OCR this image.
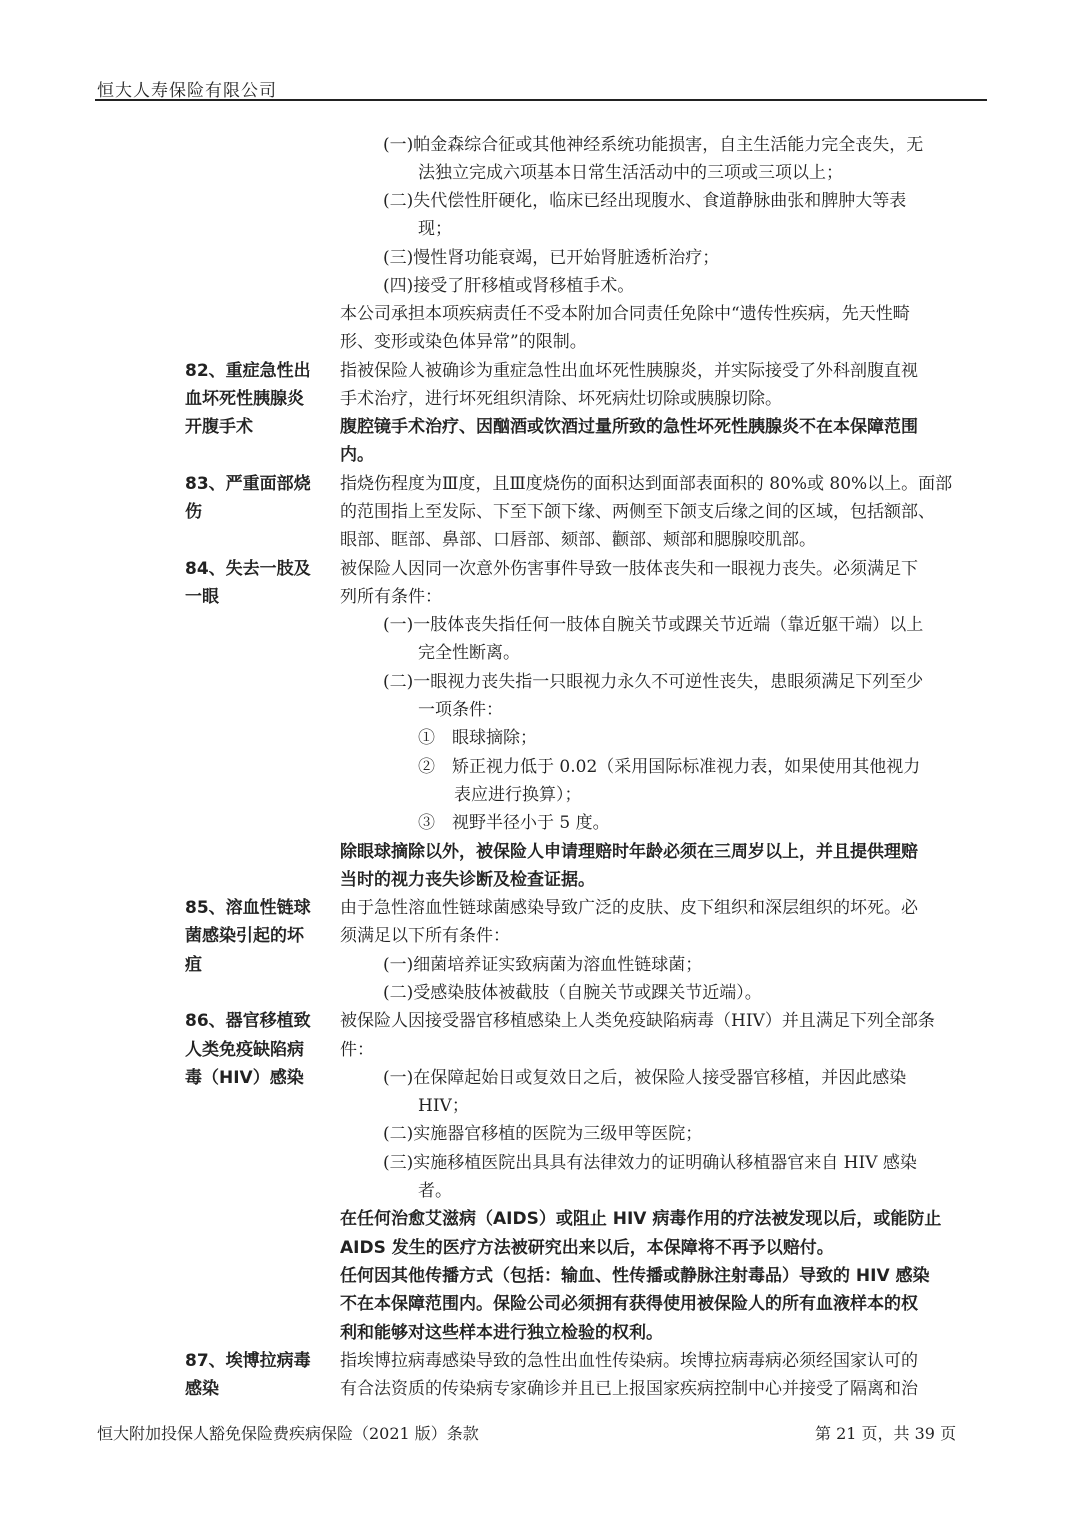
恒大人寿保险有限公司
(一)帕金森综合征或其他神经系统功能损害，自主生活能力完全丧失，无
法独立完成六项基本日常生活活动中的三项或三项以上；
(二)失代偿性肝硬化，临床已经出现腹水、食道静脉曲张和脾肿大等表
现；
(三)慢性肾功能衰竭，已开始肾脏透析治疗；
(四)接受了肝移植或肾移植手术。
本公司承担本项疾病责任不受本附加合同责任免除中“遗传性疾病，先天性畸
形、变形或染色体异常”的限制。
指被保险人被确诊为重症急性出血坏死性胰腺炎，并实际接受了外科剖腹直视
手术治疗，进行坏死组织清除、坏死病灶切除或胰腺切除。
腹腔镜手术治疗、因酗酒或饮酒过量所致的急性坏死性胰腺炎不在本保障范围
内。
指烧伤程度为Ⅲ度，且Ⅲ度烧伤的面积达到面部表面积的 80%或 80%以上。面部
的范围指上至发际、下至下颌下缘、两侧至下颌支后缘之间的区域，包括额部、
眼部、眶部、鼻部、口唇部、颏部、颧部、颊部和腮腺咬肌部。
被保险人因同一次意外伤害事件导致一肢体丧失和一眼视力丧失。必须满足下
列所有条件：
(一)一肢体丧失指任何一肢体自腕关节或踝关节近端（靠近躯干端）以上
完全性断离。
(二)一眼视力丧失指一只眼视力永久不可逆性丧失，患眼须满足下列至少
一项条件：
①　眼球摘除；
②　矫正视力低于 0.02（采用国际标准视力表，如果使用其他视力
表应进行换算）；
③　视野半径小于 5 度。
除眼球摘除以外，被保险人申请理赔时年龄必须在三周岁以上，并且提供理赔
当时的视力丧失诊断及检查证据。
由于急性溶血性链球菌感染导致广泛的皮肤、皮下组织和深层组织的坏死。必
须满足以下所有条件：
(一)细菌培养证实致病菌为溶血性链球菌；
(二)受感染肢体被截肢（自腕关节或踝关节近端）。
被保险人因接受器官移植感染上人类免疫缺陷病毒（HIV）并且满足下列全部条
件：
(一)在保障起始日或复效日之后，被保险人接受器官移植，并因此感染
HIV；
(二)实施器官移植的医院为三级甲等医院；
(三)实施移植医院出具具有法律效力的证明确认移植器官来自 HIV 感染
者。
在任何治愈艾滋病（AIDS）或阻止 HIV 病毒作用的疗法被发现以后，或能防止
AIDS 发生的医疗方法被研究出来以后，本保障将不再予以赔付。
任何因其他传播方式（包括：输血、性传播或静脉注射毒品）导致的 HIV 感染
不在本保障范围内。保险公司必须拥有获得使用被保险人的所有血液样本的权
利和能够对这些样本进行独立检验的权利。
指埃博拉病毒感染导致的急性出血性传染病。埃博拉病毒病必须经国家认可的
有合法资质的传染病专家确诊并且已上报国家疾病控制中心并接受了隔离和治
82、重症急性出
血坏死性胰腺炎
开腹手术
83、严重面部烧
伤
84、失去一肢及
一眼
85、溶血性链球
菌感染引起的坏
疽
86、器官移植致
人类免疫缺陷病
毒（HIV）感染
87、埃博拉病毒
感染
恒大附加投保人豁免保险费疾病保险（2021 版）条款	第 21 页，共 39 页
